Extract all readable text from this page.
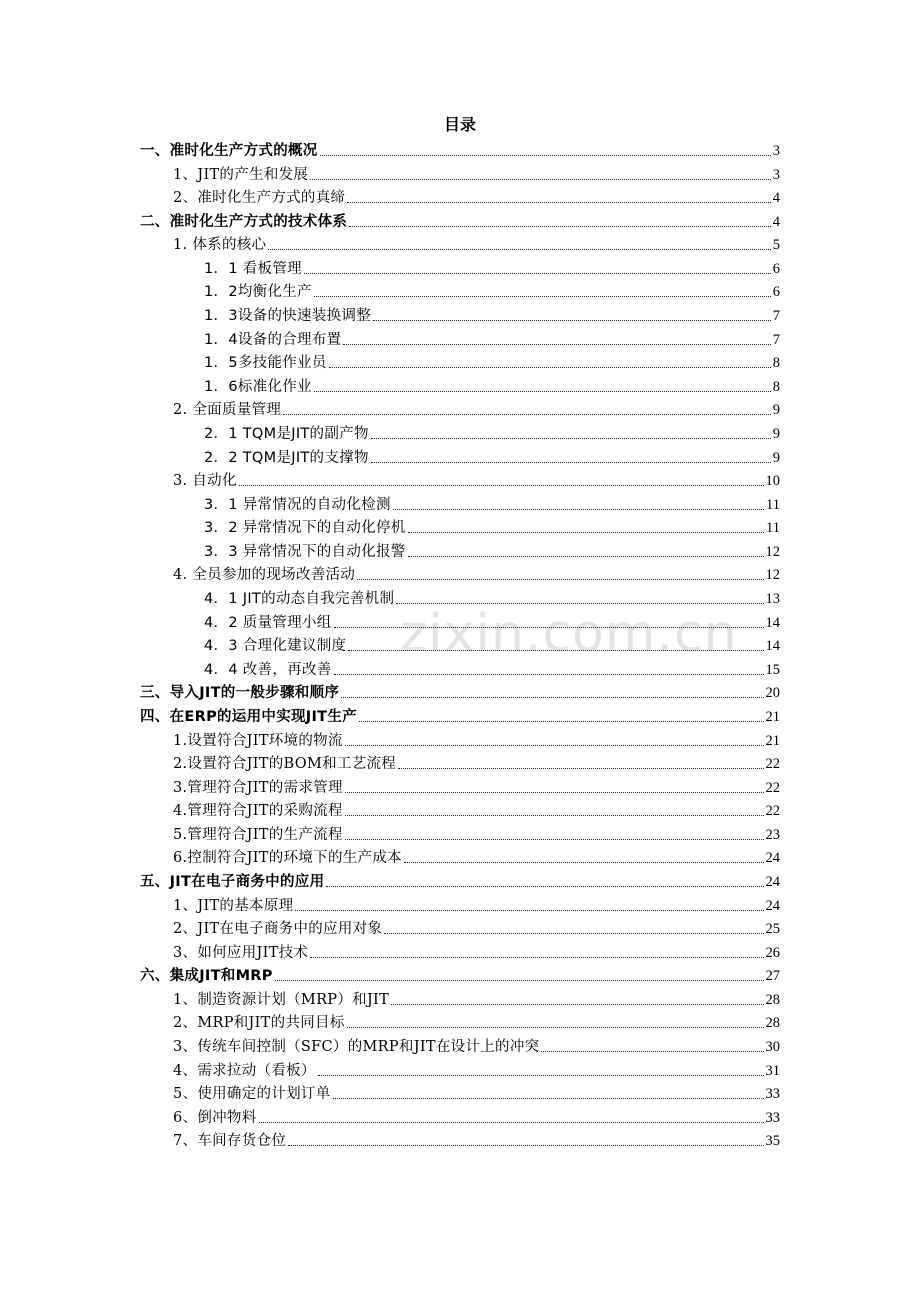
zixin.com.cn
目录
一、准时化生产方式的概况	3
1、JIT的产生和发展	3
2、准时化生产方式的真缔	4
二、准时化生产方式的技术体系	4
1. 体系的核心	5
1．1 看板管理	6
1．2均衡化生产	6
1．3设备的快速装换调整	7
1．4设备的合理布置	7
1．5多技能作业员	8
1．6标准化作业	8
2. 全面质量管理	9
2．1 TQM是JIT的副产物	9
2．2 TQM是JIT的支撑物	9
3. 自动化	10
3．1 异常情况的自动化检测	11
3．2 异常情况下的自动化停机	11
3．3 异常情况下的自动化报警	12
4. 全员参加的现场改善活动	12
4．1 JIT的动态自我完善机制	13
4．2 质量管理小组	14
4．3 合理化建议制度	14
4．4 改善，再改善	15
三、导入JIT的一般步骤和顺序	20
四、在ERP的运用中实现JIT生产	21
1.设置符合JIT环境的物流	21
2.设置符合JIT的BOM和工艺流程	22
3.管理符合JIT的需求管理	22
4.管理符合JIT的采购流程	22
5.管理符合JIT的生产流程	23
6.控制符合JIT的环境下的生产成本	24
五、JIT在电子商务中的应用	24
1、JIT的基本原理	24
2、JIT在电子商务中的应用对象	25
3、如何应用JIT技术	26
六、集成JIT和MRP	27
1、制造资源计划（MRP）和JIT	28
2、MRP和JIT的共同目标	28
3、传统车间控制（SFC）的MRP和JIT在设计上的冲突	30
4、需求拉动（看板）	31
5、使用确定的计划订单	33
6、倒冲物料	33
7、车间存货仓位	35
